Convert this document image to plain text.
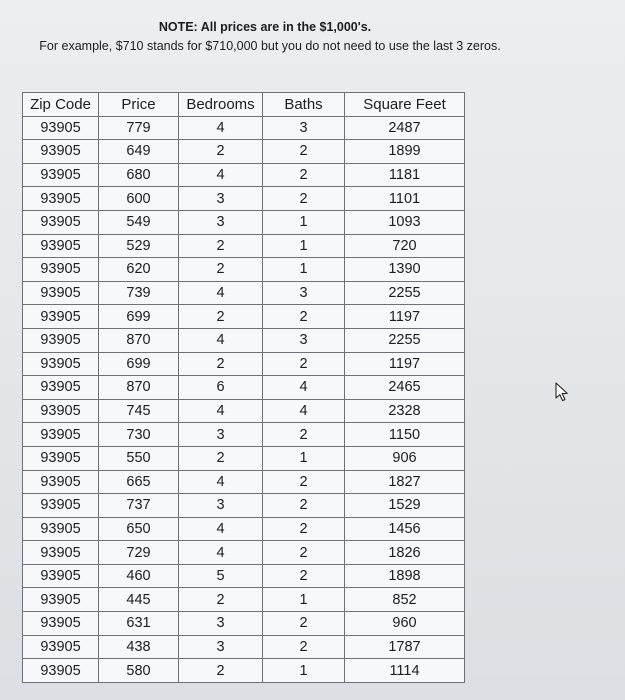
NOTE: All prices are in the $1,000's.
For example, $710 stands for $710,000 but you do not need to use the last 3 zeros.
Zip Code	Price	Bedrooms	Baths	Square Feet
93905	779	4	3	2487
93905	649	2	2	1899
93905	680	4	2	1181
93905	600	3	2	1101
93905	549	3	1	1093
93905	529	2	1	720
93905	620	2	1	1390
93905	739	4	3	2255
93905	699	2	2	1197
93905	870	4	3	2255
93905	699	2	2	1197
93905	870	6	4	2465
93905	745	4	4	2328
93905	730	3	2	1150
93905	550	2	1	906
93905	665	4	2	1827
93905	737	3	2	1529
93905	650	4	2	1456
93905	729	4	2	1826
93905	460	5	2	1898
93905	445	2	1	852
93905	631	3	2	960
93905	438	3	2	1787
93905	580	2	1	1114
